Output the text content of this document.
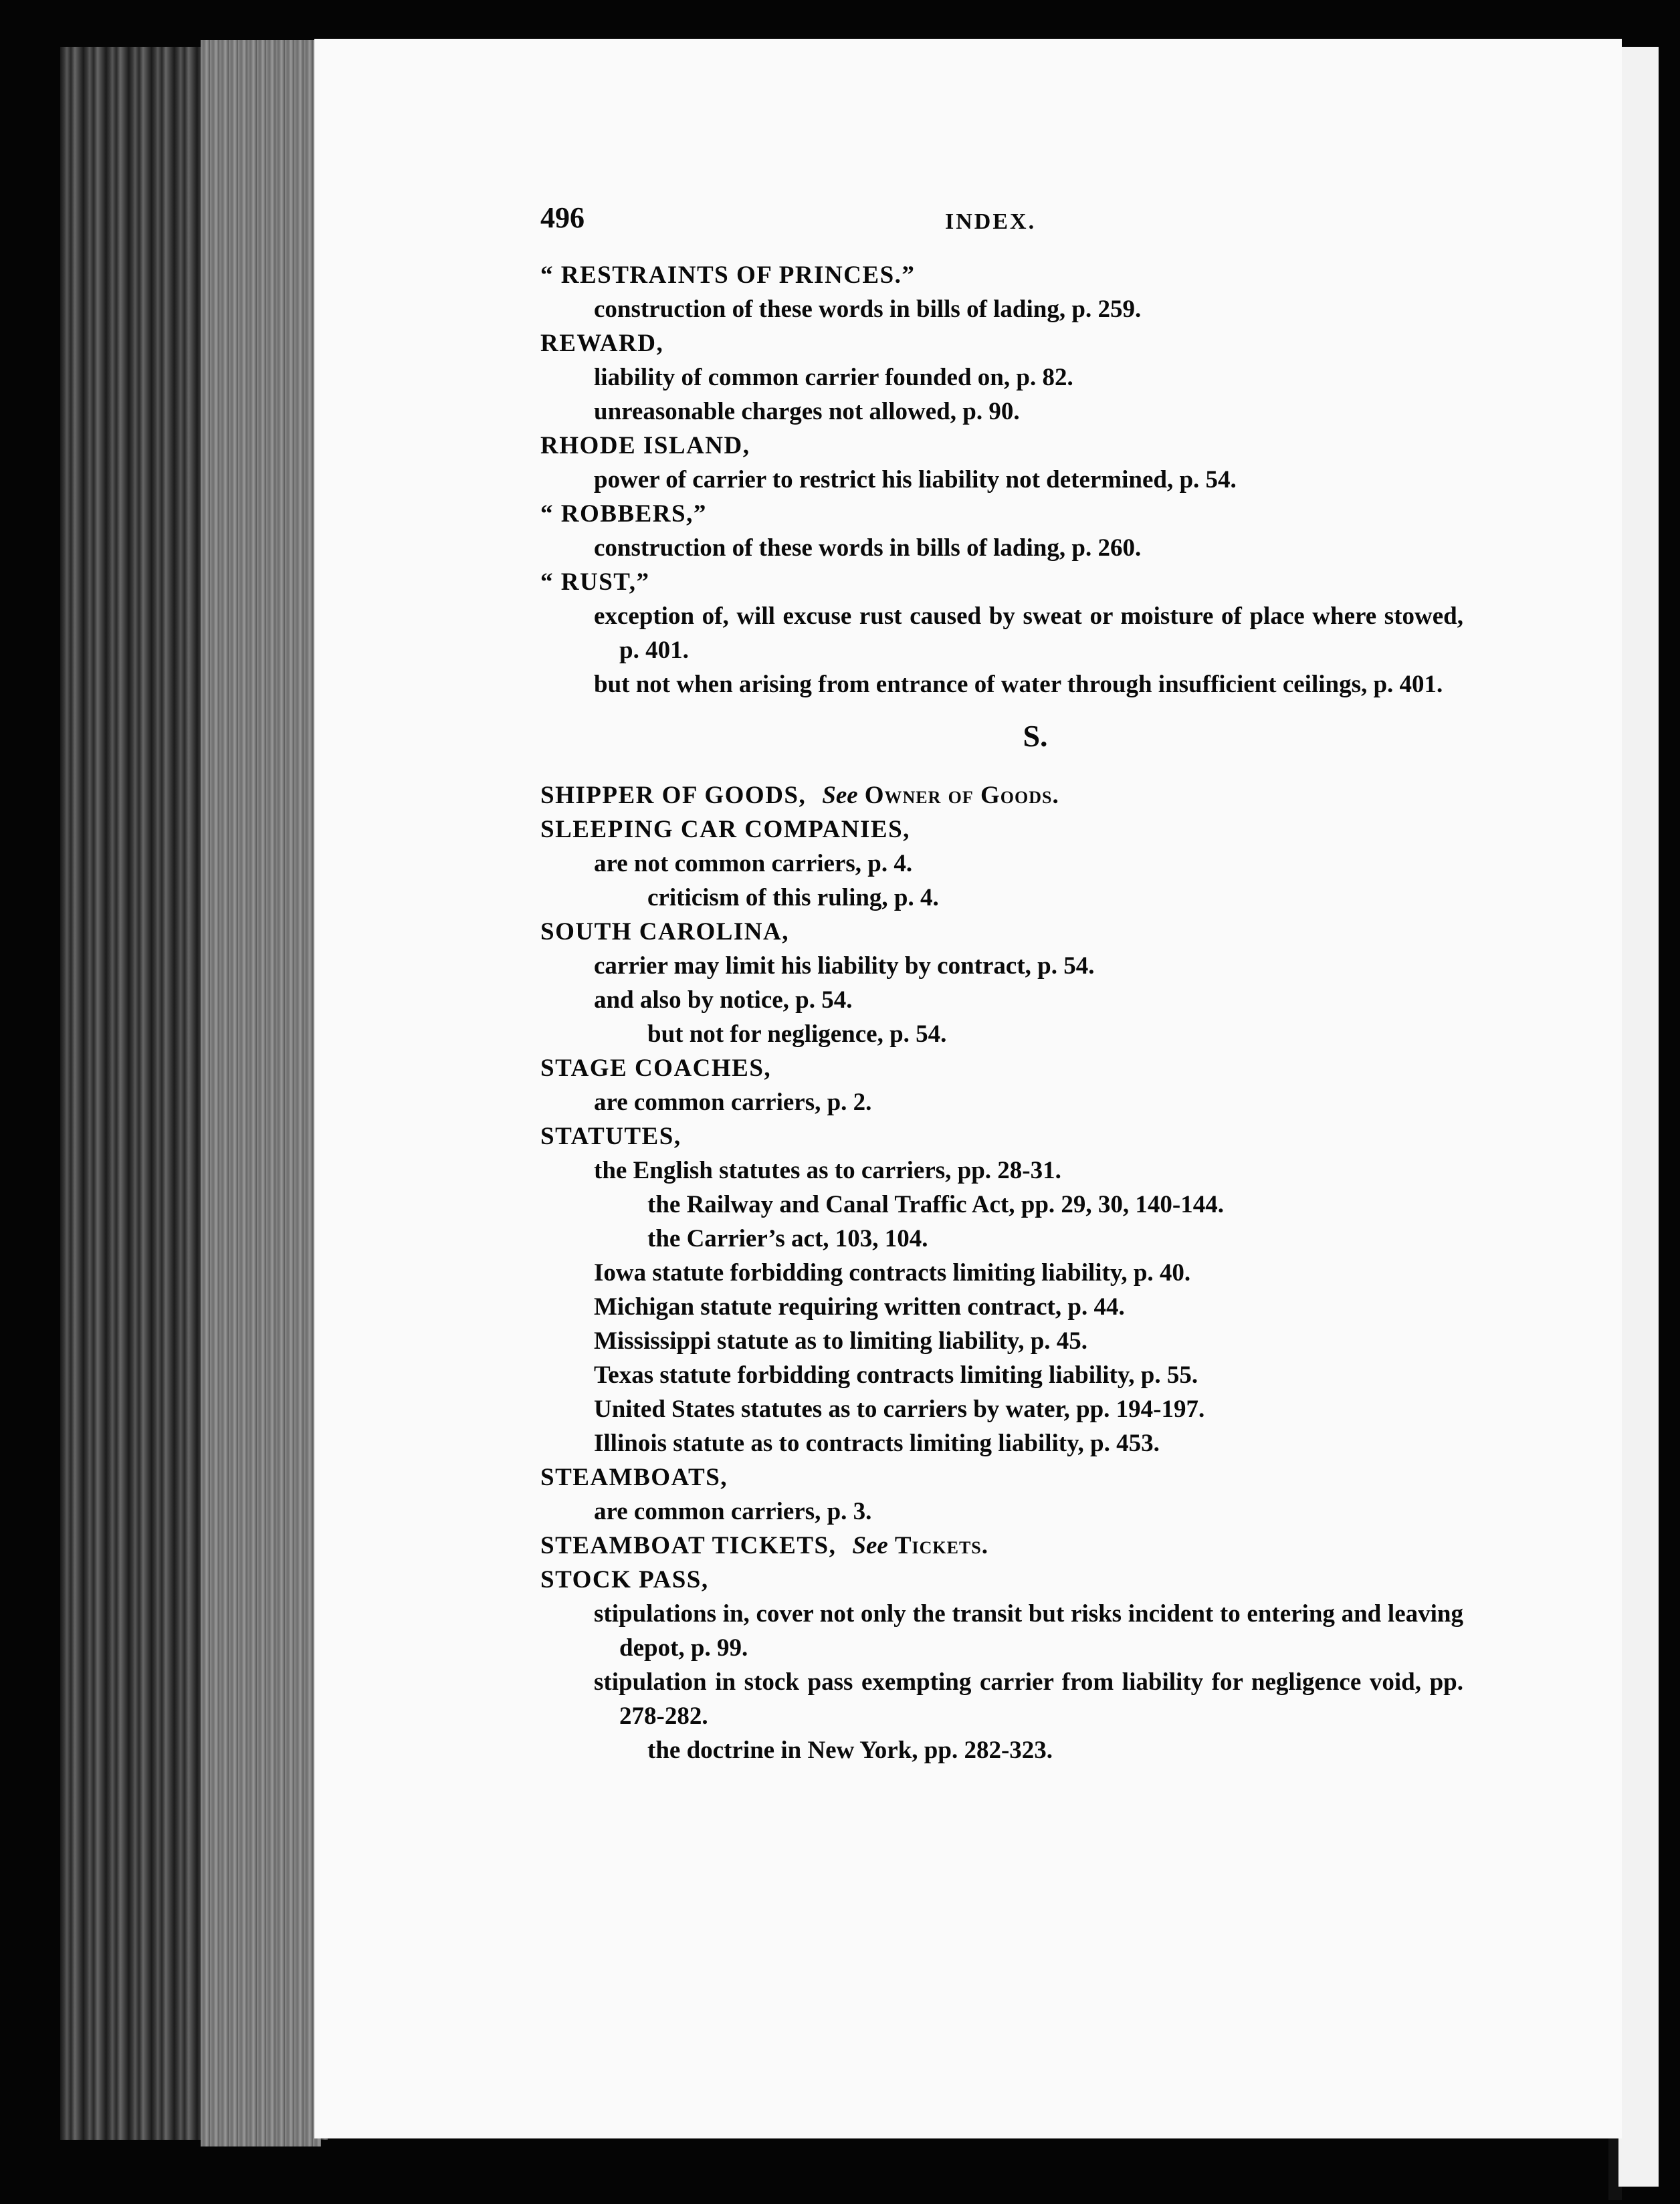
496	INDEX.
“ RESTRAINTS OF PRINCES.”
construction of these words in bills of lading, p. 259.
REWARD,
liability of common carrier founded on, p. 82.
unreasonable charges not allowed, p. 90.
RHODE ISLAND,
power of carrier to restrict his liability not determined, p. 54.
“ ROBBERS,”
construction of these words in bills of lading, p. 260.
“ RUST,”
exception of, will excuse rust caused by sweat or moisture of place where stowed, p. 401.
but not when arising from entrance of water through insufficient ceilings, p. 401.
S.
SHIPPER OF GOODS, See Owner of Goods.
SLEEPING CAR COMPANIES,
are not common carriers, p. 4.
criticism of this ruling, p. 4.
SOUTH CAROLINA,
carrier may limit his liability by contract, p. 54.
and also by notice, p. 54.
but not for negligence, p. 54.
STAGE COACHES,
are common carriers, p. 2.
STATUTES,
the English statutes as to carriers, pp. 28-31.
the Railway and Canal Traffic Act, pp. 29, 30, 140-144.
the Carrier’s act, 103, 104.
Iowa statute forbidding contracts limiting liability, p. 40.
Michigan statute requiring written contract, p. 44.
Mississippi statute as to limiting liability, p. 45.
Texas statute forbidding contracts limiting liability, p. 55.
United States statutes as to carriers by water, pp. 194-197.
Illinois statute as to contracts limiting liability, p. 453.
STEAMBOATS,
are common carriers, p. 3.
STEAMBOAT TICKETS, See Tickets.
STOCK PASS,
stipulations in, cover not only the transit but risks incident to entering and leaving depot, p. 99.
stipulation in stock pass exempting carrier from liability for negligence void, pp. 278-282.
the doctrine in New York, pp. 282-323.
